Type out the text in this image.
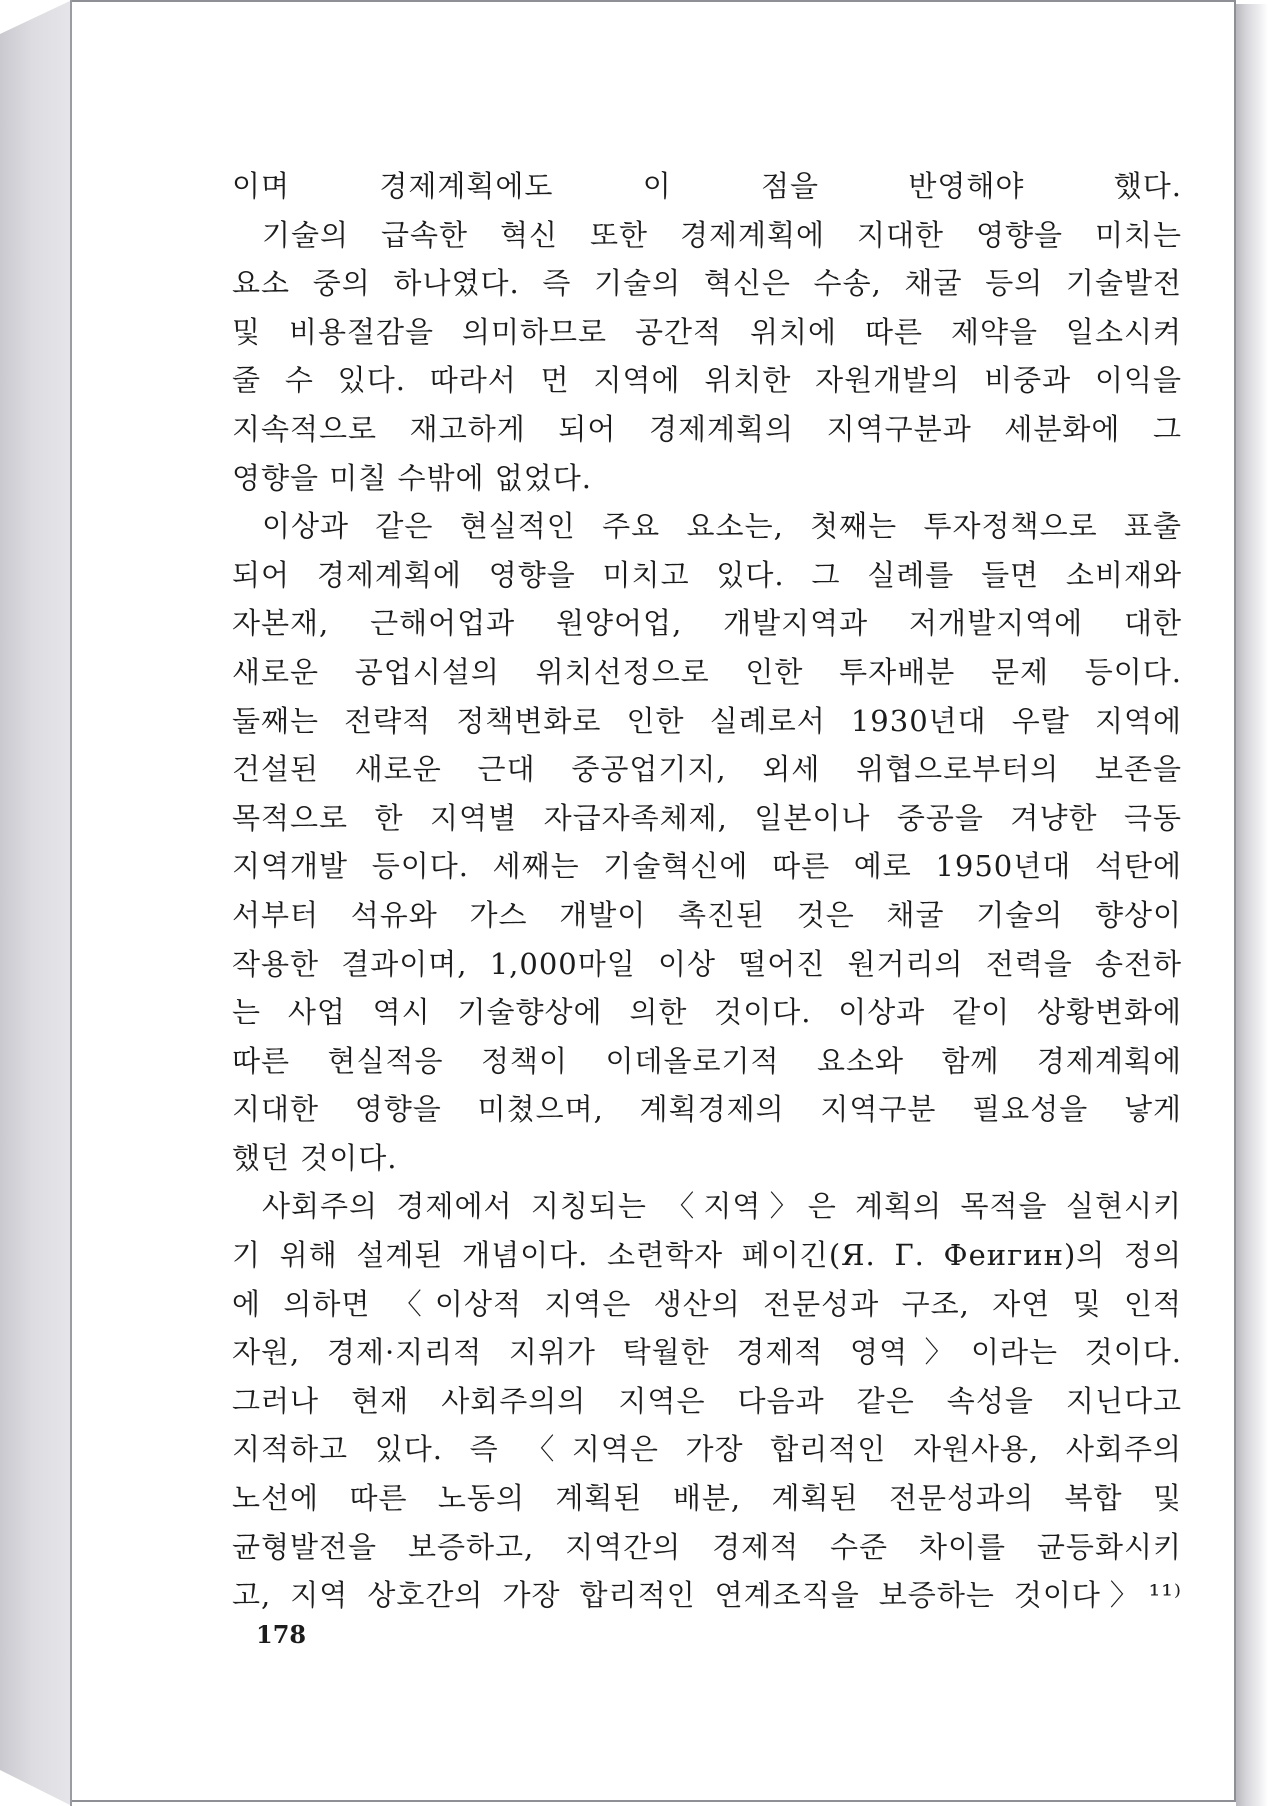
이며 경제계획에도 이 점을 반영해야 했다.
기술의 급속한 혁신 또한 경제계획에 지대한 영향을 미치는
요소 중의 하나였다. 즉 기술의 혁신은 수송, 채굴 등의 기술발전
및 비용절감을 의미하므로 공간적 위치에 따른 제약을 일소시켜
줄 수 있다. 따라서 먼 지역에 위치한 자원개발의 비중과 이익을
지속적으로 재고하게 되어 경제계획의 지역구분과 세분화에 그
영향을 미칠 수밖에 없었다.
이상과 같은 현실적인 주요 요소는, 첫째는 투자정책으로 표출
되어 경제계획에 영향을 미치고 있다. 그 실례를 들면 소비재와
자본재, 근해어업과 원양어업, 개발지역과 저개발지역에 대한
새로운 공업시설의 위치선정으로 인한 투자배분 문제 등이다.
둘째는 전략적 정책변화로 인한 실례로서 1930년대 우랄 지역에
건설된 새로운 근대 중공업기지, 외세 위협으로부터의 보존을
목적으로 한 지역별 자급자족체제, 일본이나 중공을 겨냥한 극동
지역개발 등이다. 세째는 기술혁신에 따른 예로 1950년대 석탄에
서부터 석유와 가스 개발이 촉진된 것은 채굴 기술의 향상이
작용한 결과이며, 1,000마일 이상 떨어진 원거리의 전력을 송전하
는 사업 역시 기술향상에 의한 것이다. 이상과 같이 상황변화에
따른 현실적응 정책이 이데올로기적 요소와 함께 경제계획에
지대한 영향을 미쳤으며, 계획경제의 지역구분 필요성을 낳게
했던 것이다.
사회주의 경제에서 지칭되는 〈지역〉은 계획의 목적을 실현시키
기 위해 설계된 개념이다. 소련학자 페이긴(Я. Г. Феигин)의 정의
에 의하면 〈이상적 지역은 생산의 전문성과 구조, 자연 및 인적
자원, 경제·지리적 지위가 탁월한 경제적 영역〉이라는 것이다.
그러나 현재 사회주의의 지역은 다음과 같은 속성을 지닌다고
지적하고 있다. 즉 〈지역은 가장 합리적인 자원사용, 사회주의
노선에 따른 노동의 계획된 배분, 계획된 전문성과의 복합 및
균형발전을 보증하고, 지역간의 경제적 수준 차이를 균등화시키
고, 지역 상호간의 가장 합리적인 연계조직을 보증하는 것이다〉¹¹⁾
178
